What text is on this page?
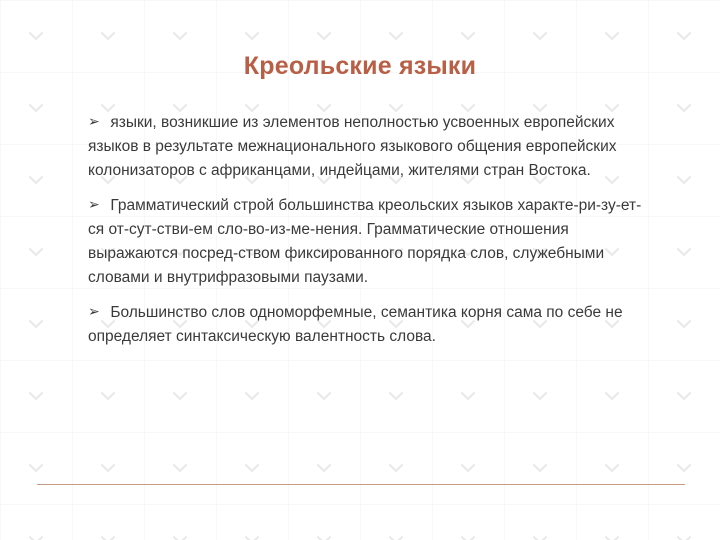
Креольские языки

➢ языки, возникшие из элементов неполностью усвоенных европейских языков в результате межнационального языкового общения европейских колонизаторов с африканцами, индейцами, жителями стран Востока.

➢ Грамматический строй большинства креольских языков характе-ри-зу-ет-ся от-сут-стви-ем сло-во-из-ме-нения. Грамматические отношения выражаются посред-ством фиксированного порядка слов, служебными словами и внутрифразовыми паузами.

➢ Большинство слов одноморфемные, семантика корня сама по себе не определяет синтаксическую валентность слова.
